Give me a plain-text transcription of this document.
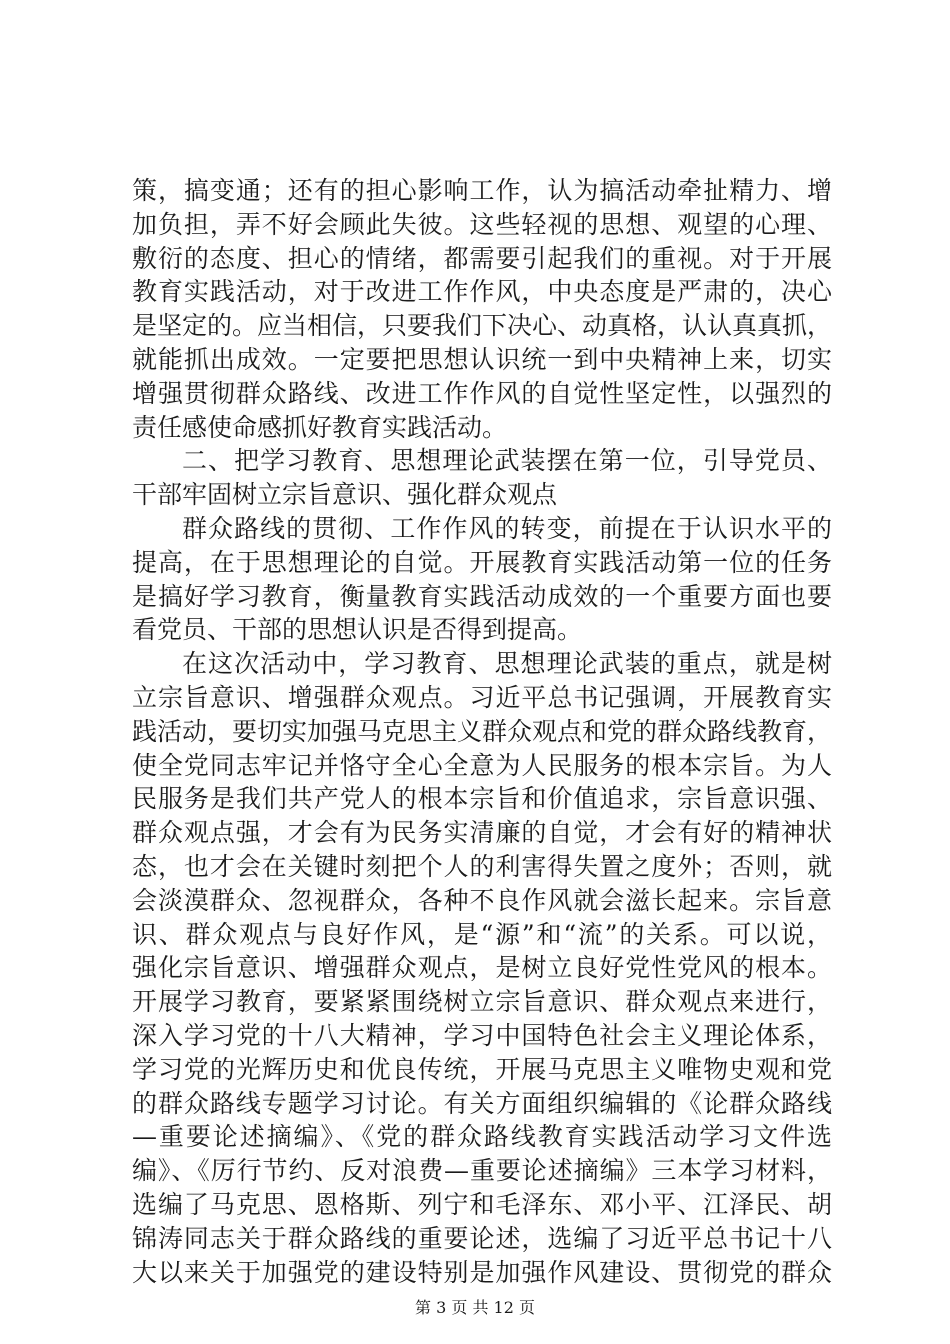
策，搞变通；还有的担心影响工作，认为搞活动牵扯精力、增
加负担，弄不好会顾此失彼。这些轻视的思想、观望的心理、
敷衍的态度、担心的情绪，都需要引起我们的重视。对于开展
教育实践活动，对于改进工作作风，中央态度是严肃的，决心
是坚定的。应当相信，只要我们下决心、动真格，认认真真抓，
就能抓出成效。一定要把思想认识统一到中央精神上来，切实
增强贯彻群众路线、改进工作作风的自觉性坚定性，以强烈的
责任感使命感抓好教育实践活动。
二、把学习教育、思想理论武装摆在第一位，引导党员、
干部牢固树立宗旨意识、强化群众观点
群众路线的贯彻、工作作风的转变，前提在于认识水平的
提高，在于思想理论的自觉。开展教育实践活动第一位的任务
是搞好学习教育，衡量教育实践活动成效的一个重要方面也要
看党员、干部的思想认识是否得到提高。
在这次活动中，学习教育、思想理论武装的重点，就是树
立宗旨意识、增强群众观点。习近平总书记强调，开展教育实
践活动，要切实加强马克思主义群众观点和党的群众路线教育，
使全党同志牢记并恪守全心全意为人民服务的根本宗旨。为人
民服务是我们共产党人的根本宗旨和价值追求，宗旨意识强、
群众观点强，才会有为民务实清廉的自觉，才会有好的精神状
态，也才会在关键时刻把个人的利害得失置之度外；否则，就
会淡漠群众、忽视群众，各种不良作风就会滋长起来。宗旨意
识、群众观点与良好作风，是“源”和“流”的关系。可以说，
强化宗旨意识、增强群众观点，是树立良好党性党风的根本。
开展学习教育，要紧紧围绕树立宗旨意识、群众观点来进行，
深入学习党的十八大精神，学习中国特色社会主义理论体系，
学习党的光辉历史和优良传统，开展马克思主义唯物史观和党
的群众路线专题学习讨论。有关方面组织编辑的《论群众路线
—重要论述摘编》、《党的群众路线教育实践活动学习文件选
编》、《厉行节约、反对浪费—重要论述摘编》三本学习材料，
选编了马克思、恩格斯、列宁和毛泽东、邓小平、江泽民、胡
锦涛同志关于群众路线的重要论述，选编了习近平总书记十八
大以来关于加强党的建设特别是加强作风建设、贯彻党的群众
第 3 页 共 12 页
